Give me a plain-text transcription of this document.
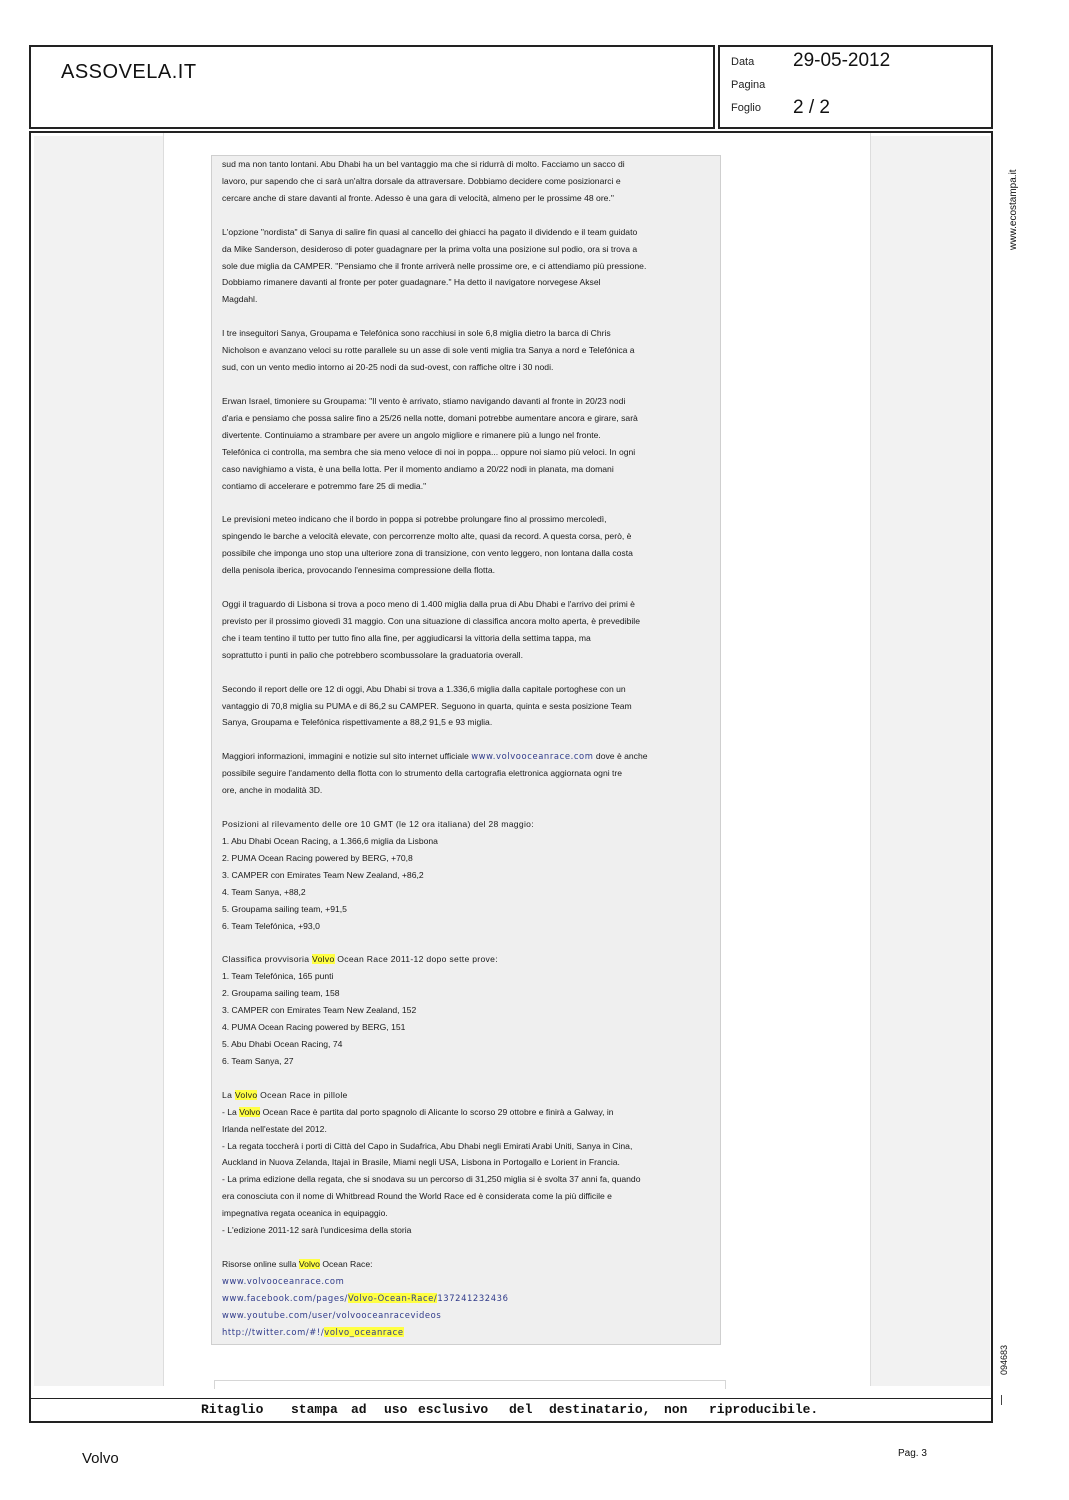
ASSOVELA.IT	Data 29-05-2012
Pagina
Foglio 2 / 2

sud ma non tanto lontani. Abu Dhabi ha un bel vantaggio ma che si ridurrà di molto. Facciamo un sacco di
lavoro, pur sapendo che ci sarà un'altra dorsale da attraversare. Dobbiamo decidere come posizionarci e
cercare anche di stare davanti al fronte. Adesso è una gara di velocità, almeno per le prossime 48 ore."

L'opzione "nordista" di Sanya di salire fin quasi al cancello dei ghiacci ha pagato il dividendo e il team guidato
da Mike Sanderson, desideroso di poter guadagnare per la prima volta una posizione sul podio, ora si trova a
sole due miglia da CAMPER. "Pensiamo che il fronte arriverà nelle prossime ore, e ci attendiamo più pressione.
Dobbiamo rimanere davanti al fronte per poter guadagnare." Ha detto il navigatore norvegese Aksel
Magdahl.

I tre inseguitori Sanya, Groupama e Telefónica sono racchiusi in sole 6,8 miglia dietro la barca di Chris
Nicholson e avanzano veloci su rotte parallele su un asse di sole venti miglia tra Sanya a nord e Telefónica a
sud, con un vento medio intorno ai 20-25 nodi da sud-ovest, con raffiche oltre i 30 nodi.

Erwan Israel, timoniere su Groupama: "Il vento è arrivato, stiamo navigando davanti al fronte in 20/23 nodi
d'aria e pensiamo che possa salire fino a 25/26 nella notte, domani potrebbe aumentare ancora e girare, sarà
divertente. Continuiamo a strambare per avere un angolo migliore e rimanere più a lungo nel fronte.
Telefónica ci controlla, ma sembra che sia meno veloce di noi in poppa... oppure noi siamo più veloci. In ogni
caso navighiamo a vista, è una bella lotta. Per il momento andiamo a 20/22 nodi in planata, ma domani
contiamo di accelerare e potremmo fare 25 di media."

Le previsioni meteo indicano che il bordo in poppa si potrebbe prolungare fino al prossimo mercoledì,
spingendo le barche a velocità elevate, con percorrenze molto alte, quasi da record. A questa corsa, però, è
possibile che imponga uno stop una ulteriore zona di transizione, con vento leggero, non lontana dalla costa
della penisola iberica, provocando l'ennesima compressione della flotta.

Oggi il traguardo di Lisbona si trova a poco meno di 1.400 miglia dalla prua di Abu Dhabi e l'arrivo dei primi è
previsto per il prossimo giovedì 31 maggio. Con una situazione di classifica ancora molto aperta, è prevedibile
che i team tentino il tutto per tutto fino alla fine, per aggiudicarsi la vittoria della settima tappa, ma
soprattutto i punti in palio che potrebbero scombussolare la graduatoria overall.

Secondo il report delle ore 12 di oggi, Abu Dhabi si trova a 1.336,6 miglia dalla capitale portoghese con un
vantaggio di 70,8 miglia su PUMA e di 86,2 su CAMPER. Seguono in quarta, quinta e sesta posizione Team
Sanya, Groupama e Telefónica rispettivamente a 88,2 91,5 e 93 miglia.

Maggiori informazioni, immagini e notizie sul sito internet ufficiale www.volvooceanrace.com dove è anche
possibile seguire l'andamento della flotta con lo strumento della cartografia elettronica aggiornata ogni tre
ore, anche in modalità 3D.

Posizioni al rilevamento delle ore 10 GMT (le 12 ora italiana) del 28 maggio:
1. Abu Dhabi Ocean Racing, a 1.366,6 miglia da Lisbona
2. PUMA Ocean Racing powered by BERG, +70,8
3. CAMPER con Emirates Team New Zealand, +86,2
4. Team Sanya, +88,2
5. Groupama sailing team, +91,5
6. Team Telefónica, +93,0

Classifica provvisoria Volvo Ocean Race 2011-12 dopo sette prove:
1. Team Telefónica, 165 punti
2. Groupama sailing team, 158
3. CAMPER con Emirates Team New Zealand, 152
4. PUMA Ocean Racing powered by BERG, 151
5. Abu Dhabi Ocean Racing, 74
6. Team Sanya, 27

La Volvo Ocean Race in pillole
- La Volvo Ocean Race è partita dal porto spagnolo di Alicante lo scorso 29 ottobre e finirà a Galway, in
Irlanda nell'estate del 2012.
- La regata toccherà i porti di Città del Capo in Sudafrica, Abu Dhabi negli Emirati Arabi Uniti, Sanya in Cina,
Auckland in Nuova Zelanda, Itajaì in Brasile, Miami negli USA, Lisbona in Portogallo e Lorient in Francia.
- La prima edizione della regata, che si snodava su un percorso di 31,250 miglia si è svolta 37 anni fa, quando
era conosciuta con il nome di Whitbread Round the World Race ed è considerata come la più difficile e
impegnativa regata oceanica in equipaggio.
- L'edizione 2011-12 sarà l'undicesima della storia

Risorse online sulla Volvo Ocean Race:
www.volvooceanrace.com
www.facebook.com/pages/Volvo-Ocean-Race/137241232436
www.youtube.com/user/volvooceanracevideos
http://twitter.com/#!/volvo_oceanrace

Ritaglio stampa ad uso esclusivo del destinatario, non riproducibile.
www.ecostampa.it
094683
Volvo	Pag. 3
